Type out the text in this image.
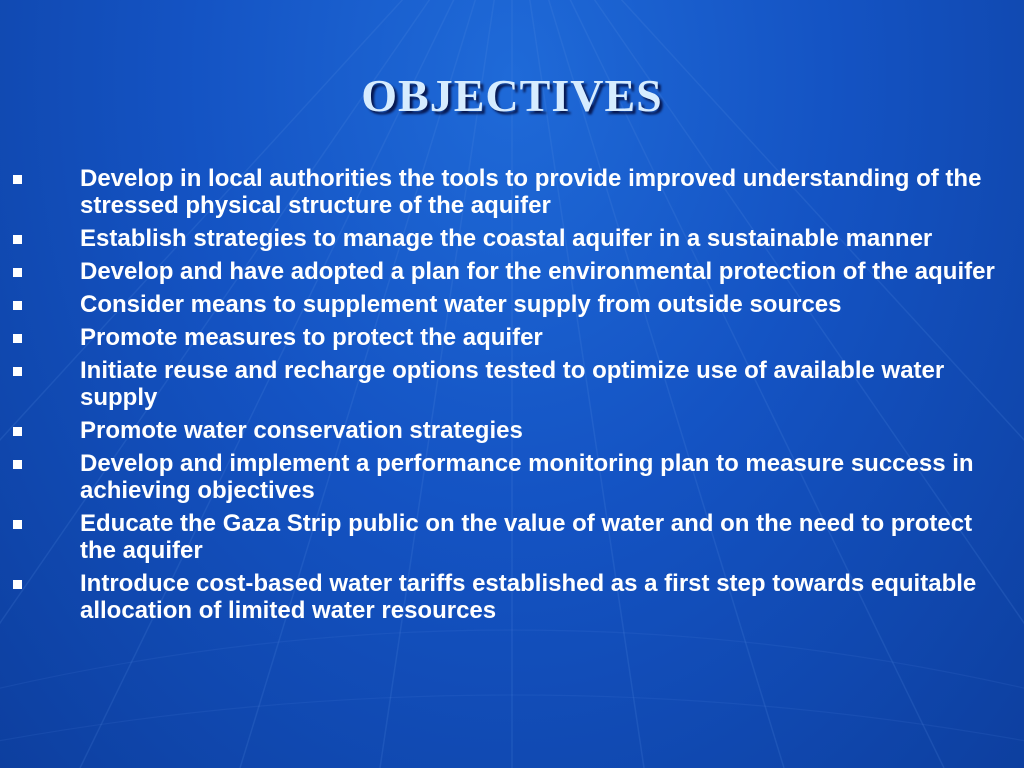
OBJECTIVES
Develop in local authorities the tools to provide improved understanding of the stressed physical structure of the aquifer
Establish strategies to manage the coastal aquifer in a sustainable manner
Develop and have adopted a plan for the environmental protection of the aquifer
Consider means to supplement water supply from outside sources
Promote measures to protect the aquifer
Initiate reuse and recharge options tested to optimize use of available water supply
Promote water conservation strategies
Develop and implement a performance monitoring plan to measure success in achieving objectives
Educate the Gaza Strip public on the value of water and on the need to protect the aquifer
Introduce cost-based water tariffs established as a first step towards equitable allocation of limited water resources
